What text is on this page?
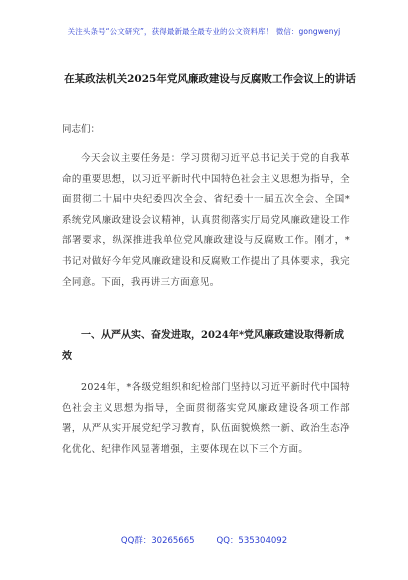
关注头条号“公文研究”，获得最新最全最专业的公文资料库！ 微信：gongwenyj
在某政法机关2025年党风廉政建设与反腐败工作会议上的讲话
同志们：
今天会议主要任务是：学习贯彻习近平总书记关于党的自我革命的重要思想，以习近平新时代中国特色社会主义思想为指导，全面贯彻二十届中央纪委四次全会、省纪委十一届五次全会、全国*系统党风廉政建设会议精神，认真贯彻落实厅局党风廉政建设工作部署要求，纵深推进我单位党风廉政建设与反腐败工作。刚才，*书记对做好今年党风廉政建设和反腐败工作提出了具体要求，我完全同意。下面，我再讲三方面意见。
一、从严从实、奋发进取，2024年*党风廉政建设取得新成效
2024年，*各级党组织和纪检部门坚持以习近平新时代中国特色社会主义思想为指导，全面贯彻落实党风廉政建设各项工作部署，从严从实开展党纪学习教育，队伍面貌焕然一新、政治生态净化优化、纪律作风显著增强，主要体现在以下三个方面。
QQ群：30265665	QQ：535304092
